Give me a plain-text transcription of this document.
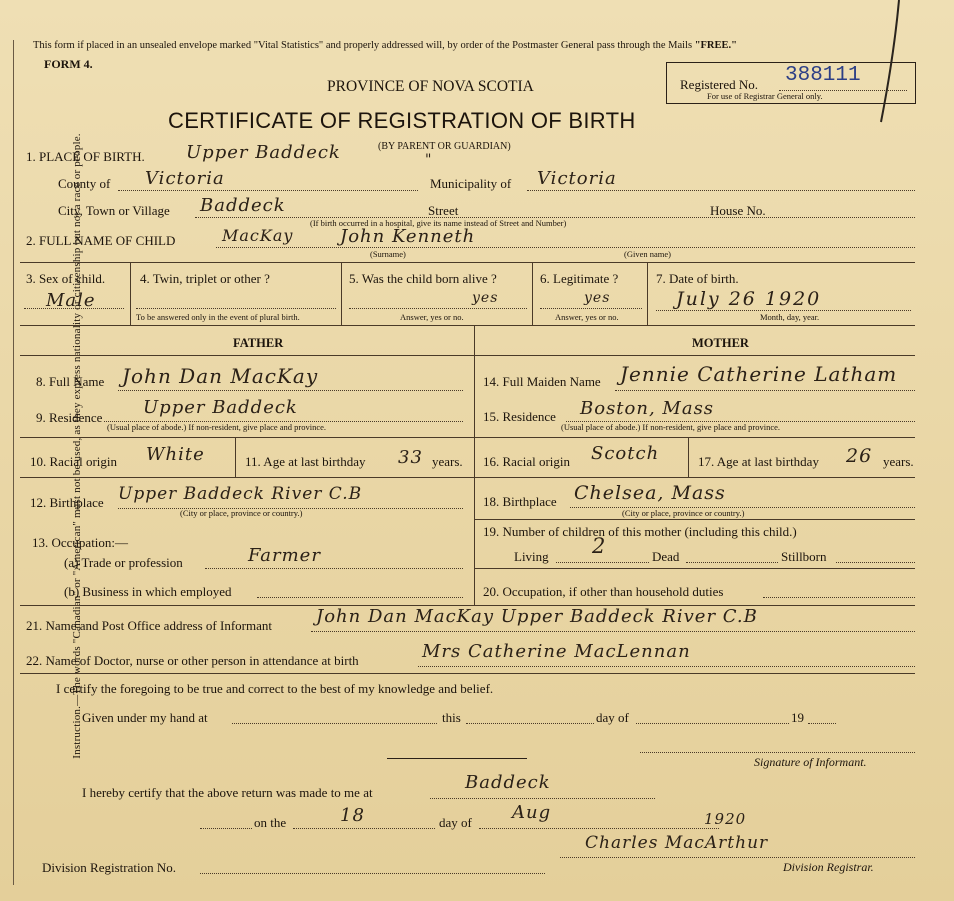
Instruction.—The words "Canadian" or "American" must not be used, as they express nationality or citizenship but not a race or people.
This form if placed in an unsealed envelope marked "Vital Statistics" and properly addressed will, by order of the Postmaster General pass through the Mails "FREE."
FORM 4.
PROVINCE OF NOVA SCOTIA
CERTIFICATE OF REGISTRATION OF BIRTH
Registered No. 388111
For use of Registrar General only.
1. PLACE OF BIRTH. Upper Baddeck	(BY PARENT OR GUARDIAN)
"
County of Victoria	Municipality of Victoria
City, Town or Village Baddeck	Street	House No.
(If birth occurred in a hospital, give its name instead of Street and Number)
2. FULL NAME OF CHILD	MacKay	John Kenneth
(Surname)	(Given name)
3. Sex of child.
Male
4. Twin, triplet or other ?
To be answered only in the event of plural birth.
5. Was the child born alive ?
yes
Answer, yes or no.
6. Legitimate ?
yes
Answer, yes or no.
7. Date of birth.
July 26 1920
Month, day, year.
FATHER	MOTHER
8. Full Name John Dan MacKay
9. Residence Upper Baddeck
(Usual place of abode.) If non-resident, give place and province.
10. Racial origin White	11. Age at last birthday 33 years.
12. Birthplace Upper Baddeck River C.B
(City or place, province or country.)
13. Occupation:—
(a) Trade or profession	Farmer
(b) Business in which employed
14. Full Maiden Name Jennie Catherine Latham
15. Residence Boston, Mass
(Usual place of abode.) If non-resident, give place and province.
16. Racial origin Scotch	17. Age at last birthday 26 years.
18. Birthplace Chelsea, Mass
(City or place, province or country.)
19. Number of children of this mother (including this child.)
Living 2	Dead	Stillborn
20. Occupation, if other than household duties
21. Name and Post Office address of Informant John Dan MacKay Upper Baddeck River C.B
22. Name of Doctor, nurse or other person in attendance at birth	Mrs Catherine MacLennan
I certify the foregoing to be true and correct to the best of my knowledge and belief.
Given under my hand at	this	day of	19
Signature of Informant.
I hereby certify that the above return was made to me at	Baddeck
on the	18	day of Aug	1920
Division Registration No.
Charles MacArthur
Division Registrar.
